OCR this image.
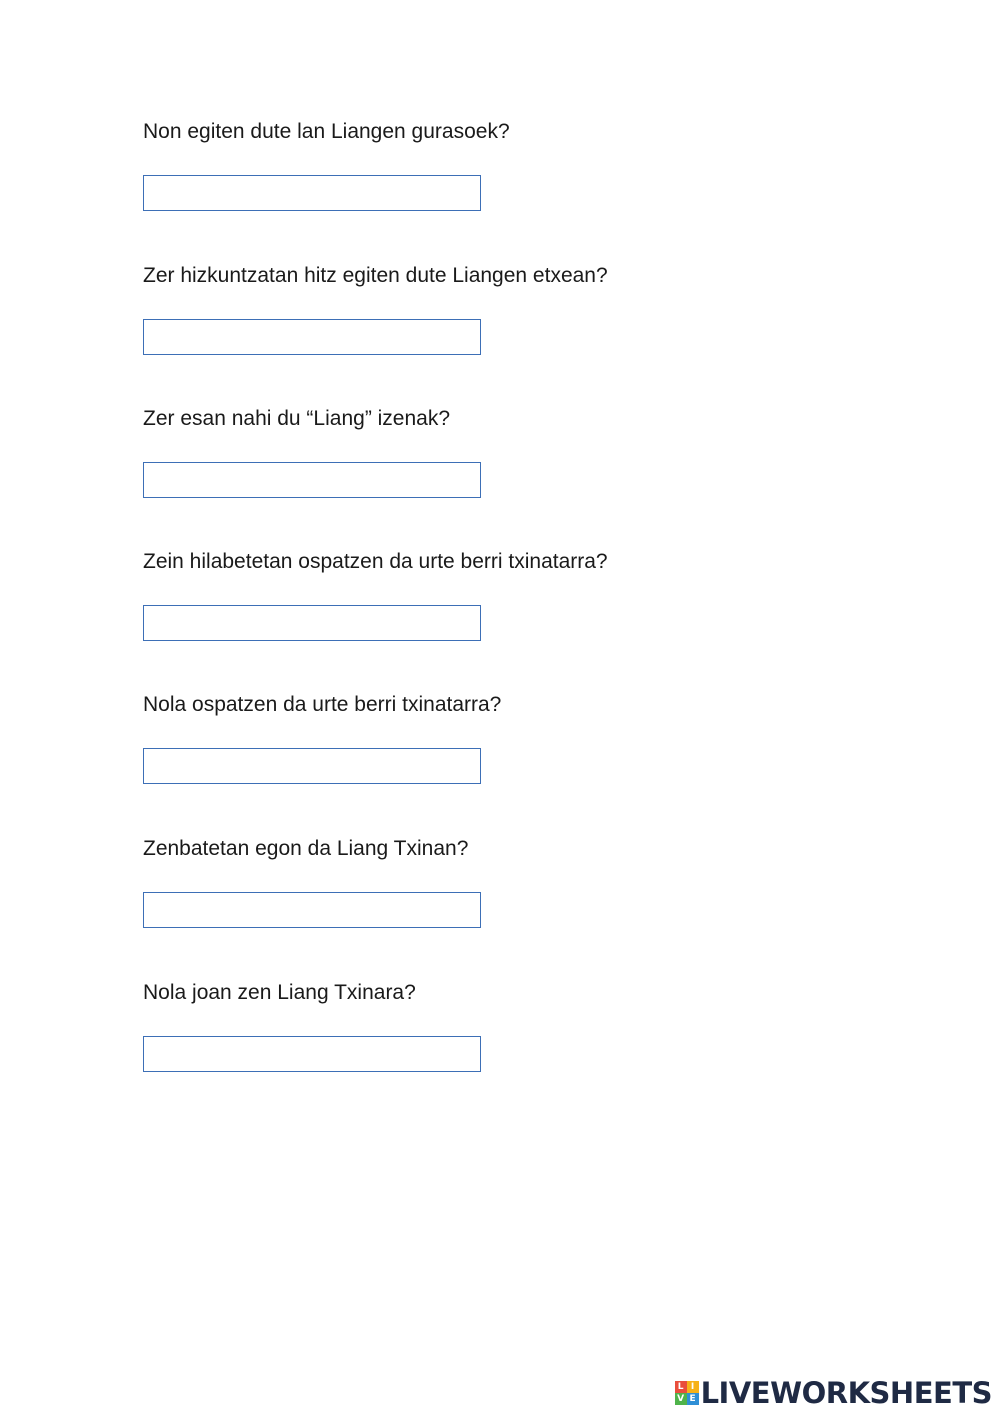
Non egiten dute lan Liangen gurasoek?
Zer hizkuntzatan hitz egiten dute Liangen etxean?
Zer esan nahi du “Liang” izenak?
Zein hilabetetan ospatzen da urte berri txinatarra?
Nola ospatzen da urte berri txinatarra?
Zenbatetan egon da Liang Txinan?
Nola joan zen Liang Txinara?
L I
V E LIVEWORKSHEETS
